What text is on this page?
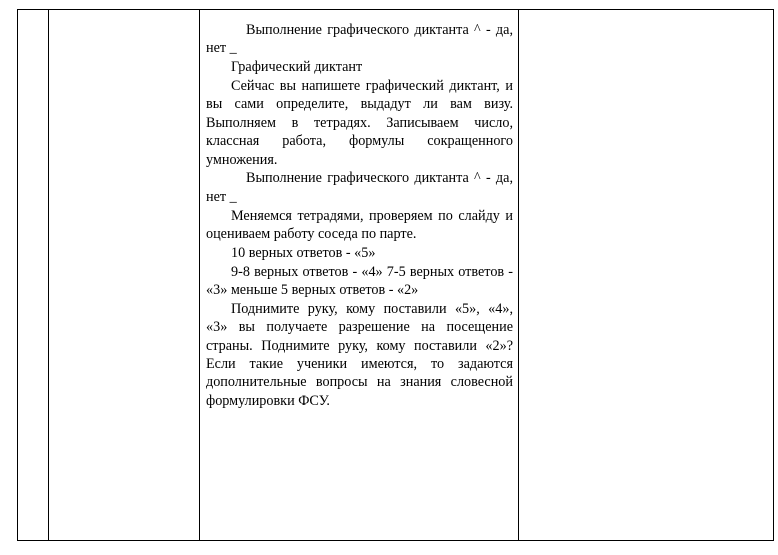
Выполнение графического диктанта ^ - да, нет _

Графический диктант

Сейчас вы напишете графический диктант, и вы сами определите, выдадут ли вам визу. Выполняем в тетрадях. Записываем число, классная работа, формулы сокращенного умножения.

Выполнение графического диктанта ^ - да, нет _

Меняемся тетрадями, проверяем по слайду и оцениваем работу соседа по парте.

10 верных ответов - «5»

9-8 верных ответов - «4» 7-5 верных ответов - «3» меньше 5 верных ответов - «2»

Поднимите руку, кому поставили «5», «4», «3» вы получаете разрешение на посещение страны. Поднимите руку, кому поставили «2»? Если такие ученики имеются, то задаются дополнительные вопросы на знания словесной формулировки ФСУ.
